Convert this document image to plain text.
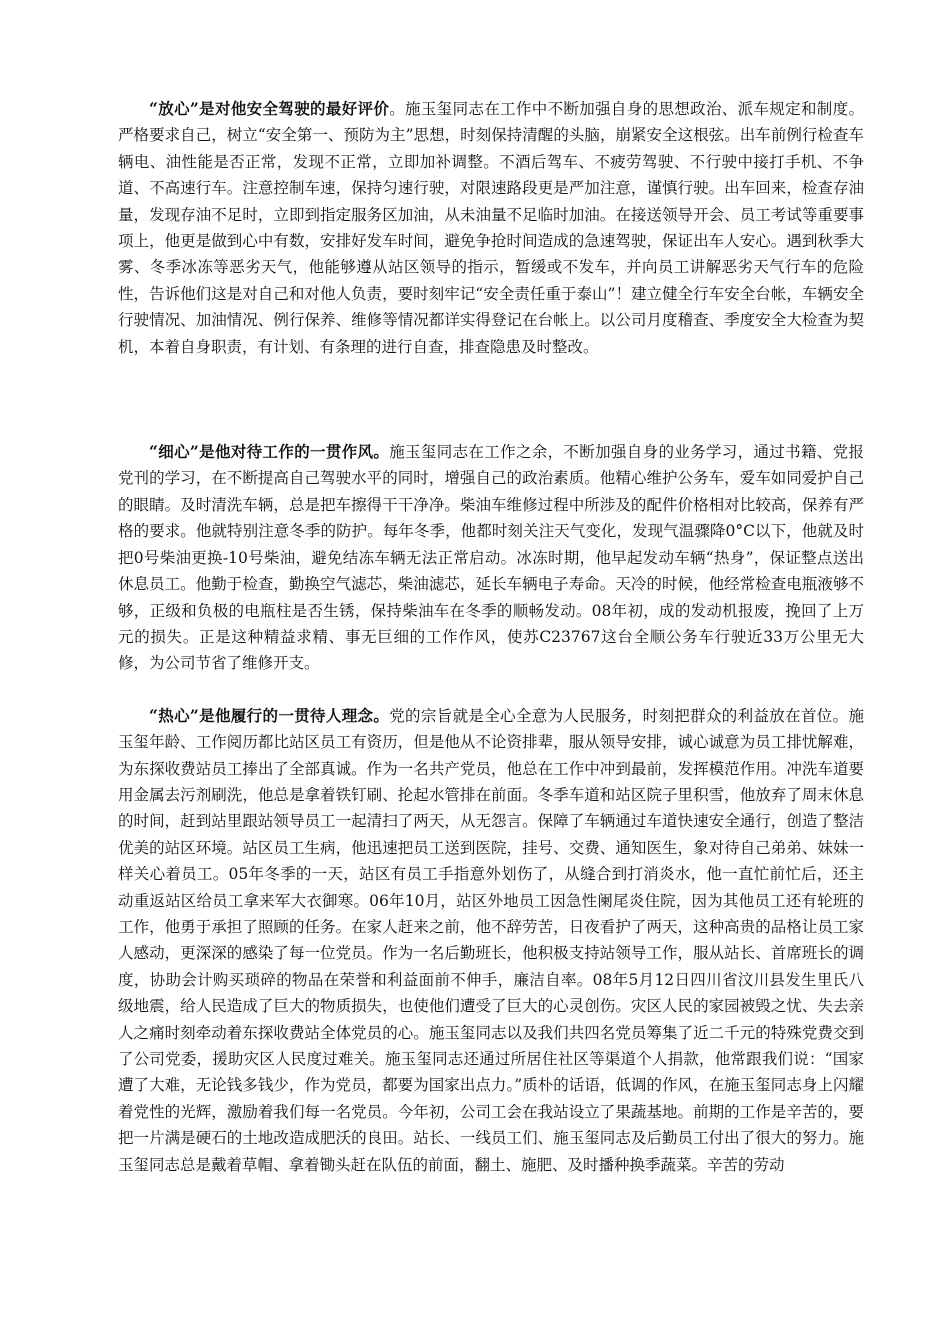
“放心”是对他安全驾驶的最好评价。施玉玺同志在工作中不断加强自身的思想政治、派车规定和制度。严格要求自己，树立“安全第一、预防为主”思想，时刻保持清醒的头脑，崩紧安全这根弦。出车前例行检查车辆电、油性能是否正常，发现不正常，立即加补调整。不酒后驾车、不疲劳驾驶、不行驶中接打手机、不争道、不高速行车。注意控制车速，保持匀速行驶，对限速路段更是严加注意，谨慎行驶。出车回来，检查存油量，发现存油不足时，立即到指定服务区加油，从未油量不足临时加油。在接送领导开会、员工考试等重要事项上，他更是做到心中有数，安排好发车时间，避免争抢时间造成的急速驾驶，保证出车人安心。遇到秋季大雾、冬季冰冻等恶劣天气，他能够遵从站区领导的指示，暂缓或不发车，并向员工讲解恶劣天气行车的危险性，告诉他们这是对自己和对他人负责，要时刻牢记“安全责任重于泰山”！建立健全行车安全台帐，车辆安全行驶情况、加油情况、例行保养、维修等情况都详实得登记在台帐上。以公司月度稽查、季度安全大检查为契机，本着自身职责，有计划、有条理的进行自查，排查隐患及时整改。

“细心”是他对待工作的一贯作风。施玉玺同志在工作之余，不断加强自身的业务学习，通过书籍、党报党刊的学习，在不断提高自己驾驶水平的同时，增强自己的政治素质。他精心维护公务车，爱车如同爱护自己的眼睛。及时清洗车辆，总是把车擦得干干净净。柴油车维修过程中所涉及的配件价格相对比较高，保养有严格的要求。他就特别注意冬季的防护。每年冬季，他都时刻关注天气变化，发现气温骤降0°C以下，他就及时把0号柴油更换-10号柴油，避免结冻车辆无法正常启动。冰冻时期，他早起发动车辆“热身”，保证整点送出休息员工。他勤于检查，勤换空气滤芯，柴油滤芯，延长车辆电子寿命。天冷的时候，他经常检查电瓶液够不够，正级和负极的电瓶柱是否生锈，保持柴油车在冬季的顺畅发动。08年初，成的发动机报废，挽回了上万元的损失。正是这种精益求精、事无巨细的工作作风，使苏C23767这台全顺公务车行驶近33万公里无大修，为公司节省了维修开支。

“热心”是他履行的一贯待人理念。党的宗旨就是全心全意为人民服务，时刻把群众的利益放在首位。施玉玺年龄、工作阅历都比站区员工有资历，但是他从不论资排辈，服从领导安排，诚心诚意为员工排忧解难，为东探收费站员工捧出了全部真诚。作为一名共产党员，他总在工作中冲到最前，发挥模范作用。冲洗车道要用金属去污剂刷洗，他总是拿着铁钉刷、抡起水管排在前面。冬季车道和站区院子里积雪，他放弃了周末休息的时间，赶到站里跟站领导员工一起清扫了两天，从无怨言。保障了车辆通过车道快速安全通行，创造了整洁优美的站区环境。站区员工生病，他迅速把员工送到医院，挂号、交费、通知医生，象对待自己弟弟、妹妹一样关心着员工。05年冬季的一天，站区有员工手指意外划伤了，从缝合到打消炎水，他一直忙前忙后，还主动重返站区给员工拿来军大衣御寒。06年10月，站区外地员工因急性阑尾炎住院，因为其他员工还有轮班的工作，他勇于承担了照顾的任务。在家人赶来之前，他不辞劳苦，日夜看护了两天，这种高贵的品格让员工家人感动，更深深的感染了每一位党员。作为一名后勤班长，他积极支持站领导工作，服从站长、首席班长的调度，协助会计购买琐碎的物品在荣誉和利益面前不伸手，廉洁自率。08年5月12日四川省汶川县发生里氏八级地震，给人民造成了巨大的物质损失，也使他们遭受了巨大的心灵创伤。灾区人民的家园被毁之忧、失去亲人之痛时刻牵动着东探收费站全体党员的心。施玉玺同志以及我们共四名党员筹集了近二千元的特殊党费交到了公司党委，援助灾区人民度过难关。施玉玺同志还通过所居住社区等渠道个人捐款，他常跟我们说：“国家遭了大难，无论钱多钱少，作为党员，都要为国家出点力。”质朴的话语，低调的作风，在施玉玺同志身上闪耀着党性的光辉，激励着我们每一名党员。今年初，公司工会在我站设立了果蔬基地。前期的工作是辛苦的，要把一片满是硬石的土地改造成肥沃的良田。站长、一线员工们、施玉玺同志及后勤员工付出了很大的努力。施玉玺同志总是戴着草帽、拿着锄头赶在队伍的前面，翻土、施肥、及时播种换季蔬菜。辛苦的劳动
